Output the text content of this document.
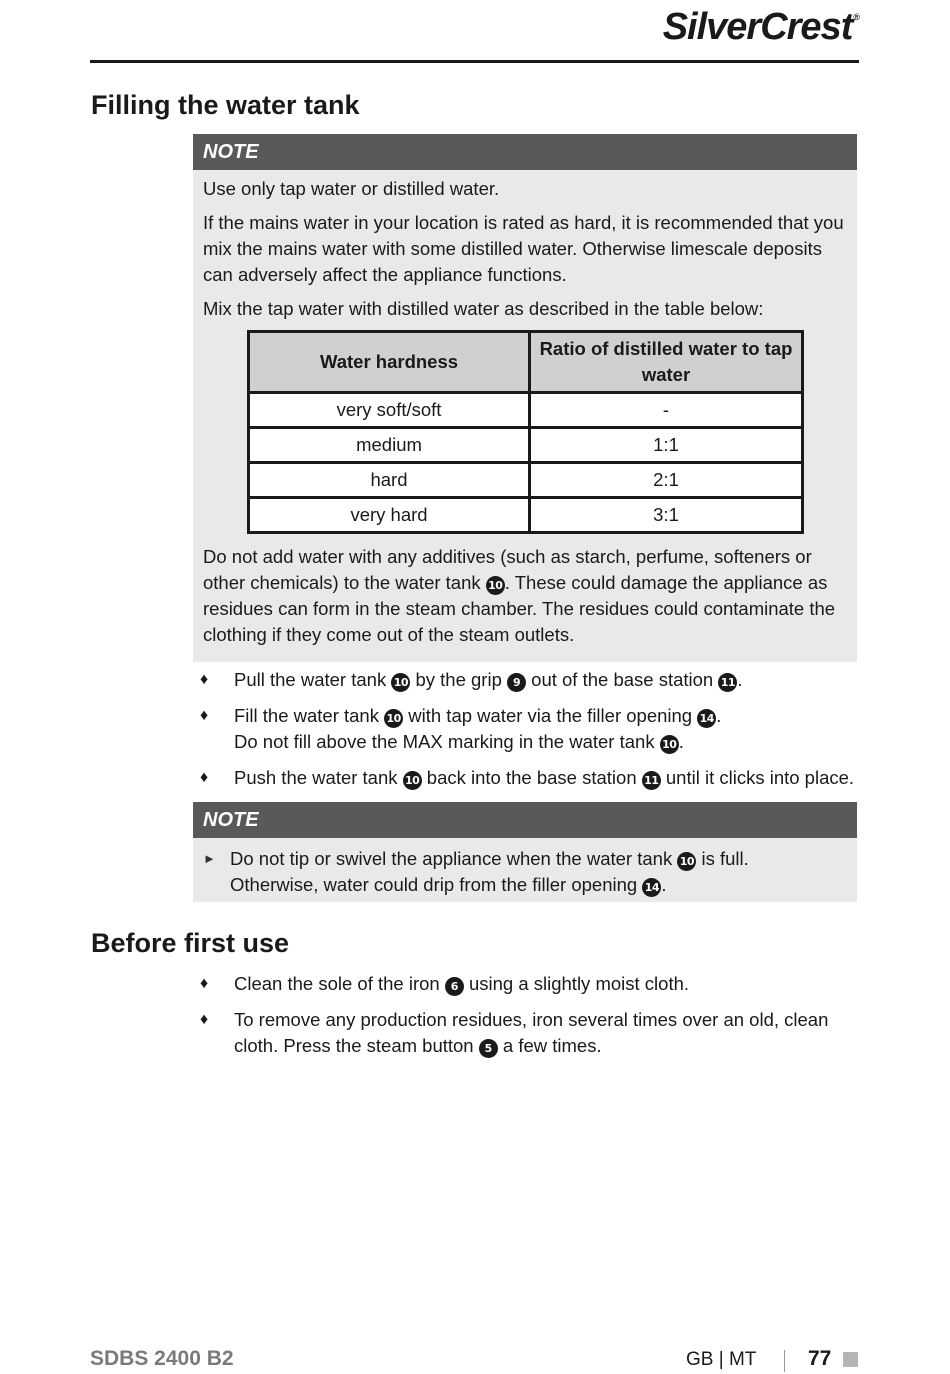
SilverCrest®
Filling the water tank
NOTE

Use only tap water or distilled water.

If the mains water in your location is rated as hard, it is recommended that you mix the mains water with some distilled water. Otherwise limescale deposits can adversely affect the appliance functions.

Mix the tap water with distilled water as described in the table below:

Water hardness	Ratio of distilled water to tap water
very soft/soft	-
medium	1:1
hard	2:1
very hard	3:1

Do not add water with any additives (such as starch, perfume, softeners or other chemicals) to the water tank 10 . These could damage the appliance as residues can form in the steam chamber. The residues could contaminate the clothing if they come out of the steam outlets.

♦ Pull the water tank 10 by the grip 9 out of the base station 11 .
♦ Fill the water tank 10 with tap water via the filler opening 14 .
Do not fill above the MAX marking in the water tank 10 .
♦ Push the water tank 10 back into the base station 11 until it clicks into place.
NOTE
► Do not tip or swivel the appliance when the water tank 10 is full.
Otherwise, water could drip from the filler opening 14 .
Before first use
♦ Clean the sole of the iron 6 using a slightly moist cloth.
♦ To remove any production residues, iron several times over an old, clean cloth. Press the steam button 5 a few times.
SDBS 2400 B2	GB | MT 77
